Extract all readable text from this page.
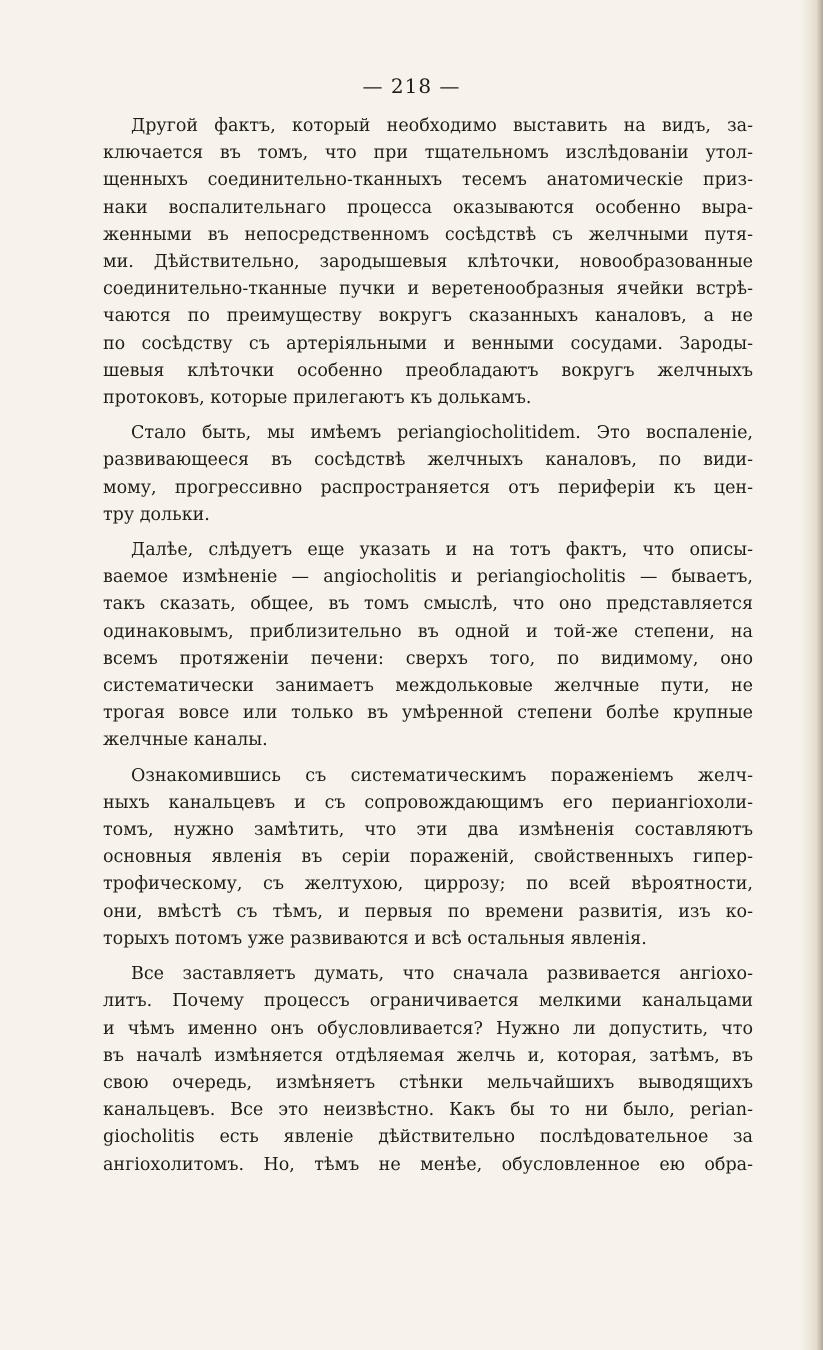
— 218 —
Другой фактъ, который необходимо выставить на видъ, за-
ключается въ томъ, что при тщательномъ изслѣдованіи утол-
щенныхъ соединительно-тканныхъ тесемъ анатомическіе приз-
наки воспалительнаго процесса оказываются особенно выра-
женными въ непосредственномъ сосѣдствѣ съ желчными путя-
ми. Дѣйствительно, зародышевыя клѣточки, новообразованные
соединительно-тканные пучки и веретенообразныя ячейки встрѣ-
чаются по преимуществу вокругъ сказанныхъ каналовъ, а не
по сосѣдству съ артеріяльными и венными сосудами. Зароды-
шевыя клѣточки особенно преобладаютъ вокругъ желчныхъ
протоковъ, которые прилегаютъ къ долькамъ.
Стало быть, мы имѣемъ periangiocholitidem. Это воспаленіе,
развивающееся въ сосѣдствѣ желчныхъ каналовъ, по види-
мому, прогрессивно распространяется отъ периферіи къ цен-
тру дольки.
Далѣе, слѣдуетъ еще указать и на тотъ фактъ, что описы-
ваемое измѣненіе — angiocholitis и periangiocholitis — бываетъ,
такъ сказать, общее, въ томъ смыслѣ, что оно представляется
одинаковымъ, приблизительно въ одной и той-же степени, на
всемъ протяженіи печени: сверхъ того, по видимому, оно
систематически занимаетъ междольковые желчные пути, не
трогая вовсе или только въ умѣренной степени болѣе крупные
желчные каналы.
Ознакомившись съ систематическимъ пораженіемъ желч-
ныхъ канальцевъ и съ сопровождающимъ его периангіохоли-
томъ, нужно замѣтить, что эти два измѣненія составляютъ
основныя явленія въ серіи пораженій, свойственныхъ гипер-
трофическому, съ желтухою, циррозу; по всей вѣроятности,
они, вмѣстѣ съ тѣмъ, и первыя по времени развитія, изъ ко-
торыхъ потомъ уже развиваются и всѣ остальныя явленія.
Все заставляетъ думать, что сначала развивается ангіохо-
литъ. Почему процессъ ограничивается мелкими канальцами
и чѣмъ именно онъ обусловливается? Нужно ли допустить, что
въ началѣ измѣняется отдѣляемая желчь и, которая, затѣмъ, въ
свою очередь, измѣняетъ стѣнки мельчайшихъ выводящихъ
канальцевъ. Все это неизвѣстно. Какъ бы то ни было, perian-
giocholitis есть явленіе дѣйствительно послѣдовательное за
ангіохолитомъ. Но, тѣмъ не менѣе, обусловленное ею обра-
